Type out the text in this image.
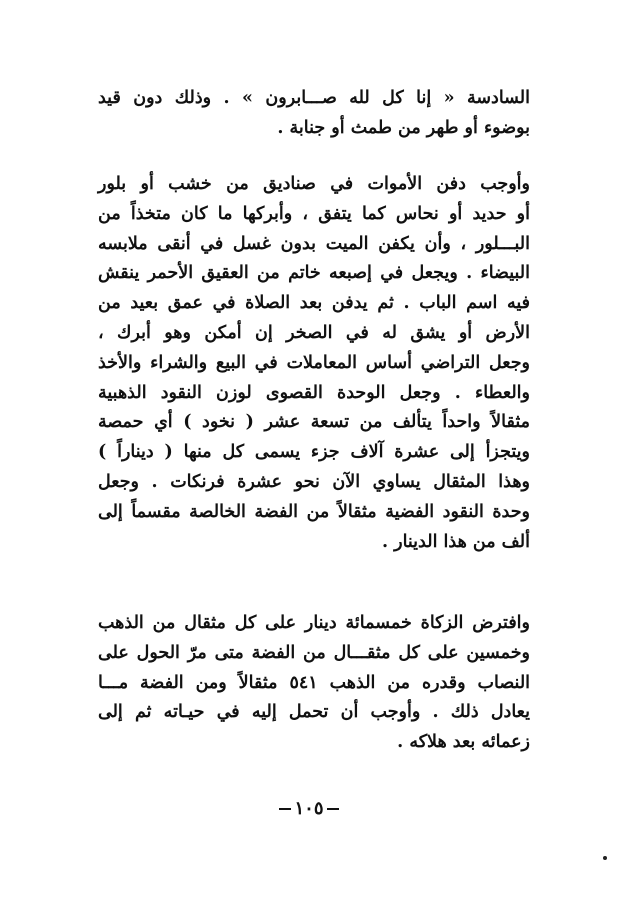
السادسة « إنا كل لله صـــابرون » . وذلك دون قيد
بوضوء أو طهر من طمث أو جنابة .
وأوجب دفن الأموات في صناديق من خشب أو بلور
أو حديد أو نحاس كما يتفق ، وأبركها ما كان متخذاً من
البـــلور ، وأن يكفن الميت بدون غسل في أنقى ملابسه
البيضاء . ويجعل في إصبعه خاتم من العقيق الأحمر ينقش
فيه اسم الباب . ثم يدفن بعد الصلاة في عمق بعيد من
الأرض أو يشق له في الصخر إن أمكن وهو أبرك ،
وجعل التراضي أساس المعاملات في البيع والشراء والأخذ
والعطاء . وجعل الوحدة القصوى لوزن النقود الذهبية
مثقالاً واحداً يتألف من تسعة عشر ( نخود ) أي حمصة
ويتجزأ إلى عشرة آلاف جزء يسمى كل منها ( ديناراً )
وهذا المثقال يساوي الآن نحو عشرة فرنكات . وجعل
وحدة النقود الفضية مثقالاً من الفضة الخالصة مقسماً إلى
ألف من هذا الدينار .
وافترض الزكاة خمسمائة دينار على كل مثقال من الذهب
وخمسين على كل مثقـــال من الفضة متى مرّ الحول على
النصاب وقدره من الذهب ٥٤١ مثقالاً ومن الفضة مـــا
يعادل ذلك . وأوجب أن تحمل إليه في حيـاته ثم إلى
زعمائه بعد هلاكه .
١٠٥
